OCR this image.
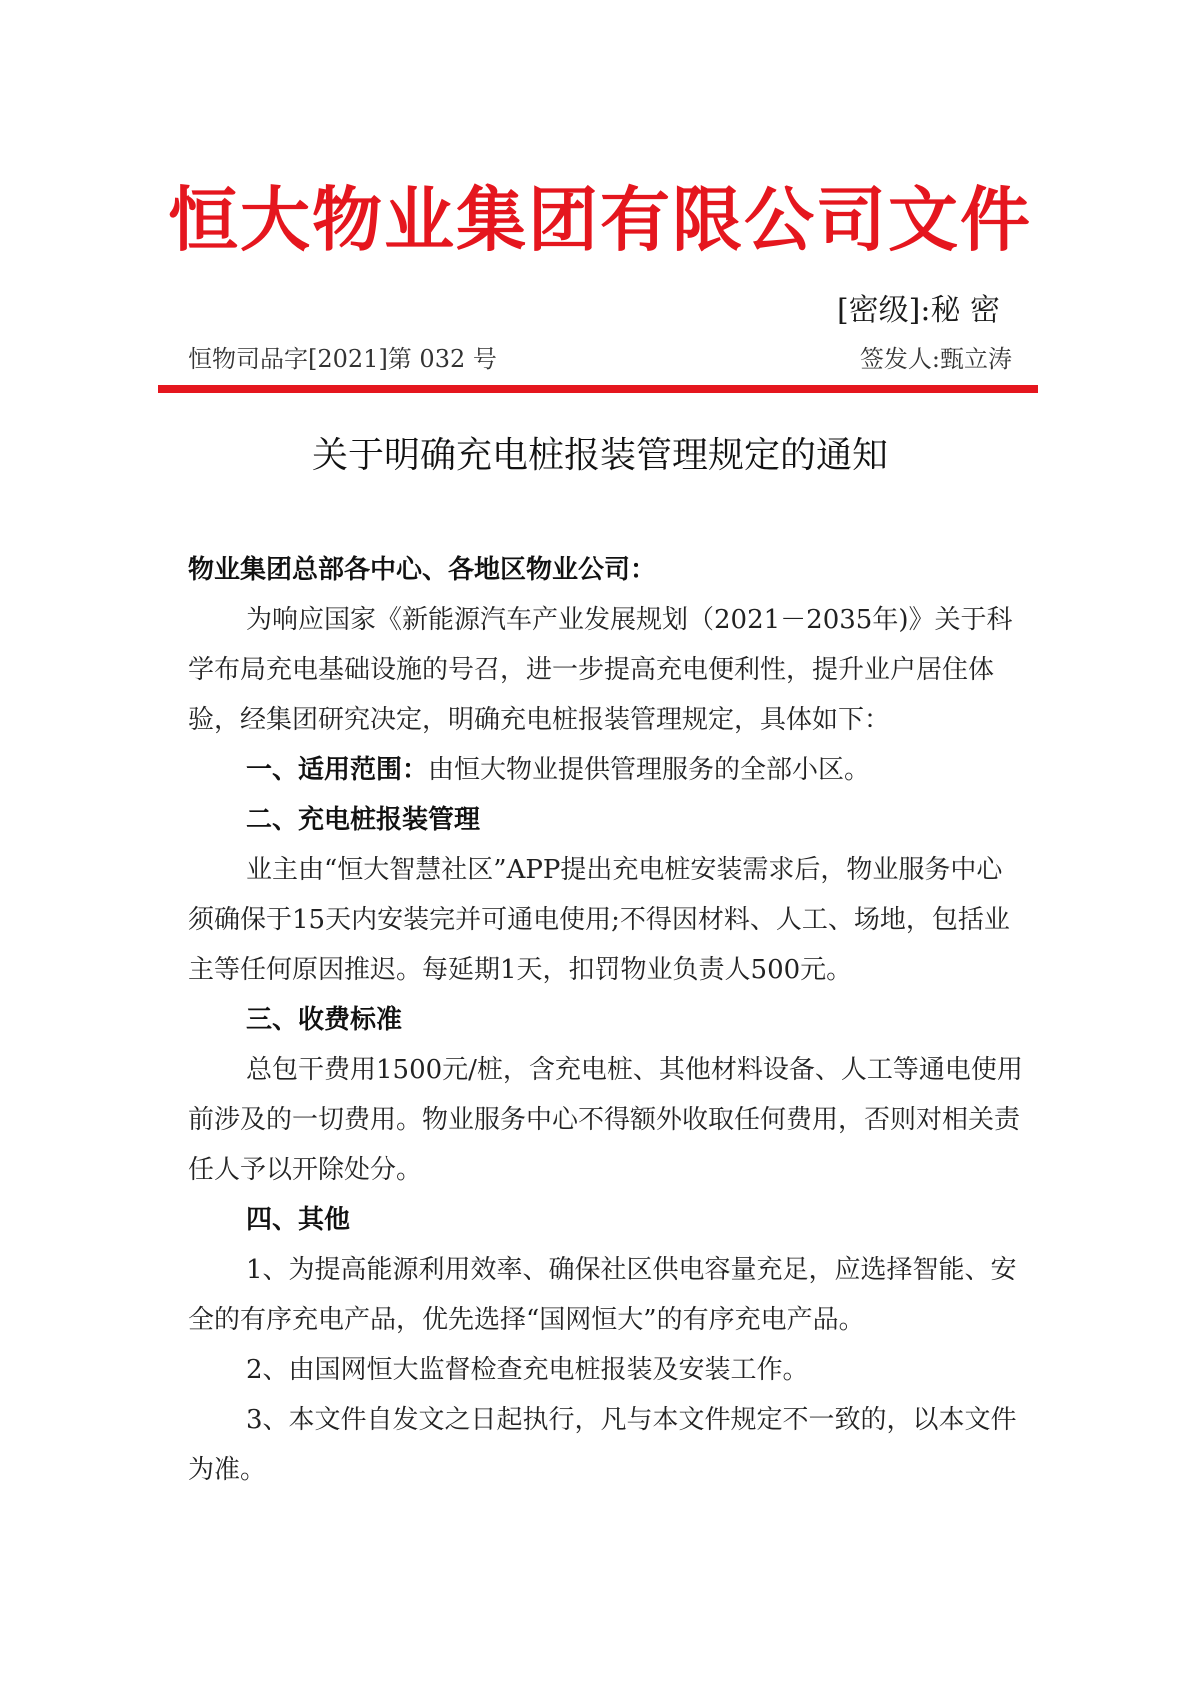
恒大物业集团有限公司文件
[密级]:秘 密
恒物司品字[2021]第 032 号	签发人:甄立涛
关于明确充电桩报装管理规定的通知

物业集团总部各中心、各地区物业公司：

为响应国家《新能源汽车产业发展规划（2021－2035年)》关于科学布局充电基础设施的号召，进一步提高充电便利性，提升业户居住体验，经集团研究决定，明确充电桩报装管理规定，具体如下：

一、适用范围：由恒大物业提供管理服务的全部小区。

二、充电桩报装管理

业主由“恒大智慧社区”APP提出充电桩安装需求后，物业服务中心须确保于15天内安装完并可通电使用;不得因材料、人工、场地，包括业主等任何原因推迟。每延期1天，扣罚物业负责人500元。

三、收费标准

总包干费用1500元/桩，含充电桩、其他材料设备、人工等通电使用前涉及的一切费用。物业服务中心不得额外收取任何费用，否则对相关责任人予以开除处分。

四、其他

1、为提高能源利用效率、确保社区供电容量充足，应选择智能、安全的有序充电产品，优先选择“国网恒大”的有序充电产品。

2、由国网恒大监督检查充电桩报装及安装工作。

3、本文件自发文之日起执行，凡与本文件规定不一致的，以本文件为准。
